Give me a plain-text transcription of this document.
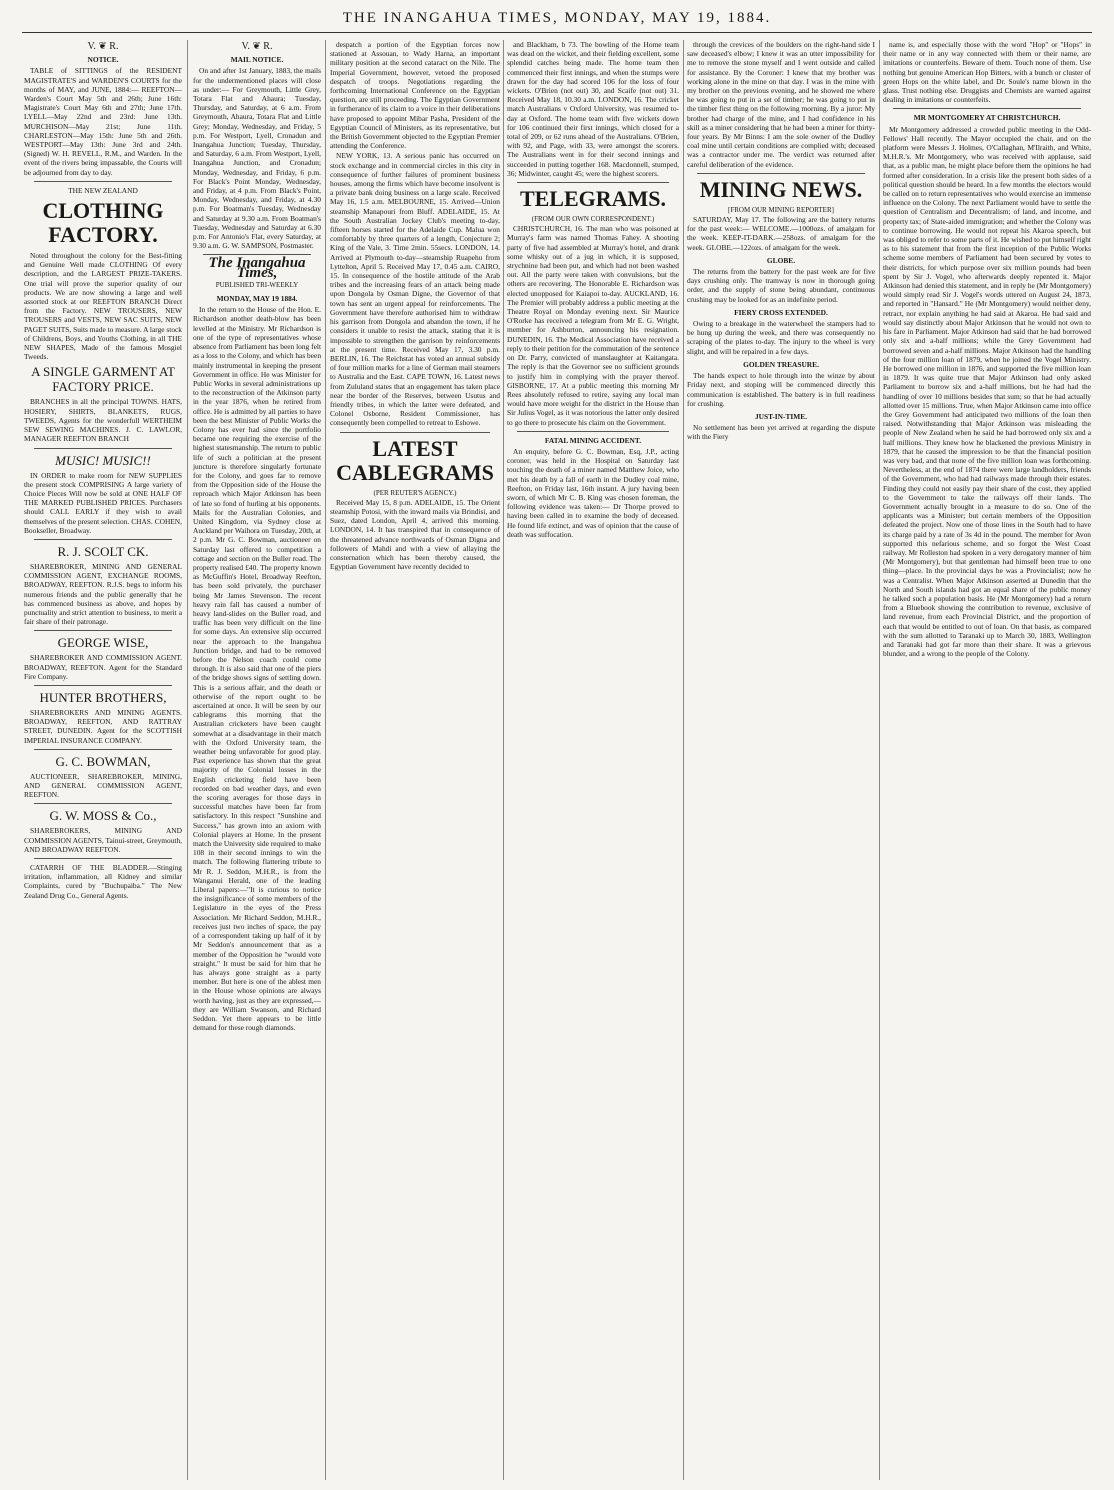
THE INANGAHUA TIMES, MONDAY, MAY 19, 1884.
V. ❦ R.
NOTICE.

TABLE of SITTINGS of the RESIDENT MAGISTRATE'S and WARDEN'S COURTS for the months of MAY, and JUNE, 1884:— REEFTON—Warden's Court May 5th and 26th; June 16th: Magistrate's Court May 6th and 27th; June 17th. LYELL—May 22nd and 23rd: June 13th. MURCHISON—May 21st; June 11th. CHARLESTON—May 15th: June 5th and 26th. WESTPORT—May 13th: June 3rd and 24th. (Signed) W. H. REVELL, R.M., and Warden. In the event of the rivers being impassable, the Courts will be adjourned from day to day.

THE NEW ZEALAND
CLOTHING FACTORY.

Noted throughout the colony for the Best-fitting and Genuine Well made CLOTHING Of every description, and the LARGEST PRIZE-TAKERS. One trial will prove the superior quality of our products. We are now showing a large and well assorted stock at our REEFTON BRANCH Direct from the Factory. NEW TROUSERS, NEW TROUSERS and VESTS, NEW SAC SUITS, NEW PAGET SUITS, Suits made to measure. A large stock of Childrens, Boys, and Youths Clothing, in all THE NEW SHAPES, Made of the famous Mosgiel Tweeds.

A SINGLE GARMENT AT FACTORY PRICE.

BRANCHES in all the principal TOWNS. HATS, HOSIERY, SHIRTS, BLANKETS, RUGS, TWEEDS, Agents for the wonderfull WERTHEIM SEW SEWING MACHINES. J. C. LAWLOR, MANAGER REEFTON BRANCH

MUSIC! MUSIC!!

IN ORDER to make room for NEW SUPPLIES the present stock COMPRISING A large variety of Choice Pieces Will now be sold at ONE HALF OF THE MARKED PUBLISHED PRICES. Purchasers should CALL EARLY if they wish to avail themselves of the present selection. CHAS. COHEN, Bookseller, Broadway.

R. J. SCOLT CK.

SHAREBROKER, MINING AND GENERAL COMMISSION AGENT, EXCHANGE ROOMS, BROADWAY, REEFTON. R.J.S. begs to inform his numerous friends and the public generally that he has commenced business as above, and hopes by punctuality and strict attention to business, to merit a fair share of their patronage.

GEORGE WISE,

SHAREBROKER AND COMMISSION AGENT. BROADWAY, REEFTON. Agent for the Standard Fire Company.

HUNTER BROTHERS,

SHAREBROKERS AND MINING AGENTS. BROADWAY, REEFTON, AND RATTRAY STREET, DUNEDIN. Agent for the SCOTTISH IMPERIAL INSURANCE COMPANY.

G. C. BOWMAN,

AUCTIONEER, SHAREBROKER, MINING, AND GENERAL COMMISSION AGENT, REEFTON.

G. W. MOSS & Co.,

SHAREBROKERS, MINING AND COMMISSION AGENTS, Tainui-street, Greymouth, AND BROADWAY REEFTON.

CATARRH OF THE BLADDER.—Stinging irritation, inflammation, all Kidney and similar Complaints, cured by "Buchupaiba." The New Zealand Drug Co., General Agents.

V. ❦ R.
MAIL NOTICE.

On and after 1st January, 1883, the mails for the undermentioned places will close as under:— For Greymouth, Little Grey, Totara Flat and Ahaura; Tuesday, Thursday, and Saturday, at 6 a.m. From Greymouth, Ahaura, Totara Flat and Little Grey; Monday, Wednesday, and Friday, 5 p.m. For Westport, Lyell, Cronadun and Inangahua Junction; Tuesday, Thursday, and Saturday, 6 a.m. From Westport, Lyell, Inangahua Junction, and Cronadun; Monday, Wednesday, and Friday, 6 p.m. For Black's Point Monday, Wednesday, and Friday, at 4 p.m. From Black's Point, Monday, Wednesday, and Friday, at 4.30 p.m. For Boatman's Tuesday, Wednesday and Saturday at 9.30 a.m. From Boatman's Tuesday, Wednesday and Saturday at 6.30 p.m. For Antonio's Flat, every Saturday, at 9.30 a.m. G. W. SAMPSON, Postmaster.

The Inangahua Times,
PUBLISHED TRI-WEEKLY
MONDAY, MAY 19 1884.

In the return to the House of the Hon. E. Richardson another death-blow has been levelled at the Ministry. Mr Richardson is one of the type of representatives whose absence from Parliament has been long felt as a loss to the Colony, and which has been mainly instrumental in keeping the present Government in office. He was Minister for Public Works in several administrations up to the reconstruction of the Atkinson party in the year 1876, when he retired from office. He is admitted by all parties to have been the best Minister of Public Works the Colony has ever had since the portfolio became one requiring the exercise of the highest statesmanship. The return to public life of such a politician at the present juncture is therefore singularly fortunate for the Colony, and goes far to remove from the Opposition side of the House the reproach which Major Atkinson has been of late so fond of hurling at his opponents. Mails for the Australian Colonies, and United Kingdom, via Sydney close at Auckland per Waihora on Tuesday, 20th, at 2 p.m. Mr G. C. Bowman, auctioneer on Saturday last offered to competition a cottage and section on the Buller road. The property realised £40. The property known as McGuffin's Hotel, Broadway Reefton, has been sold privately, the purchaser being Mr James Stevenson. The recent heavy rain fall has caused a number of heavy land-slides on the Buller road, and traffic has been very difficult on the line for some days. An extensive slip occurred near the approach to the Inangahua Junction bridge, and had to be removed before the Nelson coach could come through. It is also said that one of the piers of the bridge shows signs of settling down. This is a serious affair, and the death or otherwise of the report ought to be ascertained at once. It will be seen by our cablegrams this morning that the Australian cricketers have been caught somewhat at a disadvantage in their match with the Oxford University team, the weather being unfavorable for good play. Past experience has shown that the great majority of the Colonial losses in the English cricketing field have been recorded on bad weather days, and even the scoring averages for those days in successful matches have been far from satisfactory. In this respect "Sunshine and Success," has grown into an axiom with Colonial players at Home. In the present match the University side required to make 108 in their second innings to win the match. The following flattering tribute to Mr R. J. Seddon, M.H.R., is from the Wanganui Herald, one of the leading Liberal papers:—"It is curious to notice the insignificance of some members of the Legislature in the eyes of the Press Association. Mr Richard Seddon, M.H.R., receives just two inches of space, the pay of a correspondent taking up half of it by Mr Seddon's announcement that as a member of the Opposition he "would vote straight." It must be said for him that he has always gone straight as a party member. But here is one of the ablest men in the House whose opinions are always worth having, just as they are expressed,—they are William Swanson, and Richard Seddon. Yet there appears to be little demand for these rough diamonds.

despatch a portion of the Egyptian forces now stationed at Assouan, to Wady Harna, an important military position at the second cataract on the Nile. The Imperial Government, however, vetoed the proposed despatch of troops. Negotiations regarding the forthcoming International Conference on the Egyptian question, are still proceeding. The Egyptian Government in furtherance of its claim to a voice in their deliberations have proposed to appoint Mibar Pasha, President of the Egyptian Council of Ministers, as its representative, but the British Government objected to the Egyptian Premier attending the Conference.

NEW YORK, 13. A serious panic has occurred on stock exchange and in commercial circles in this city in consequence of further failures of prominent business houses, among the firms which have become insolvent is a private bank doing business on a large scale. Received May 16, 1.5 a.m. MELBOURNE, 15. Arrived—Union steamship Manapouri from Bluff. ADELAIDE, 15. At the South Australian Jockey Club's meeting to-day, fifteen horses started for the Adelaide Cup. Malua won comfortably by three quarters of a length, Conjecture 2; King of the Vale, 3. Time 2min. 55secs. LONDON, 14. Arrived at Plymouth to-day—steamship Ruapehu from Lyttelton, April 5. Received May 17, 0.45 a.m. CAIRO, 15. In consequence of the hostile attitude of the Arab tribes and the increasing fears of an attack being made upon Dongola by Osman Digne, the Governor of that town has sent an urgent appeal for reinforcements. The Government have therefore authorised him to withdraw his garrison from Dongola and abandon the town, if he considers it unable to resist the attack, stating that it is impossible to strengthen the garrison by reinforcements at the present time. Received May 17, 3.30 p.m. BERLIN, 16. The Reichstat has voted an annual subsidy of four million marks for a line of German mail steamers to Australia and the East. CAPE TOWN, 16. Latest news from Zululand states that an engagement has taken place near the border of the Reserves, between Usutus and friendly tribes, in which the latter were defeated, and Colonel Osborne, Resident Commissioner, has consequently been compelled to retreat to Eshowe.

LATEST CABLEGRAMS
(PER REUTER'S AGENCY.)

Received May 15, 8 p.m. ADELAIDE, 15. The Orient steamship Potosi, with the inward mails via Brindisi, and Suez, dated London, April 4, arrived this morning. LONDON, 14. It has transpired that in consequence of the threatened advance northwards of Osman Digna and followers of Mahdi and with a view of allaying the consternation which has been thereby caused, the Egyptian Government have recently decided to

and Blackham, b 73. The bowling of the Home team was dead on the wicket, and their fielding excellent, some splendid catches being made. The home team then commenced their first innings, and when the stumps were drawn for the day had scored 106 for the loss of four wickets. O'Brien (not out) 30, and Scaife (not out) 31. Received May 18, 10.30 a.m. LONDON, 16. The cricket match Australians v Oxford University, was resumed to-day at Oxford. The home team with five wickets down for 106 continued their first innings, which closed for a total of 209, or 62 runs ahead of the Australians. O'Brien, with 92, and Page, with 33, were amongst the scorers. The Australians went in for their second innings and succeeded in putting together 168. Macdonnell, stumped, 36; Midwinter, caught 45; were the highest scorers.

TELEGRAMS.
(FROM OUR OWN CORRESPONDENT.)

CHRISTCHURCH, 16. The man who was poisoned at Murray's farm was named Thomas Fahey. A shooting party of five had assembled at Murray's hotel, and drank some whisky out of a jug in which, it is supposed, strychnine had been put, and which had not been washed out. All the party were taken with convulsions, but the others are recovering. The Honorable E. Richardson was elected unopposed for Kaiapoi to-day. AUCKLAND, 16. The Premier will probably address a public meeting at the Theatre Royal on Monday evening next. Sir Maurice O'Rorke has received a telegram from Mr E. G. Wright, member for Ashburton, announcing his resignation. DUNEDIN, 16. The Medical Association have received a reply to their petition for the commutation of the sentence on Dr. Parry, convicted of manslaughter at Kaitangata. The reply is that the Governor see no sufficient grounds to justify him in complying with the prayer thereof. GISBORNE, 17. At a public meeting this morning Mr Rees absolutely refused to retire, saying any local man would have more weight for the district in the House than Sir Julius Vogel, as it was notorious the latter only desired to go there to prosecute his claim on the Government.

FATAL MINING ACCIDENT.

An enquiry, before G. C. Bowman, Esq, J.P., acting coroner, was held in the Hospital on Saturday last touching the death of a miner named Matthew Joice, who met his death by a fall of earth in the Dudley coal mine, Reefton, on Friday last, 16th instant. A jury having been sworn, of which Mr C. B. King was chosen foreman, the following evidence was taken:— Dr Thorpe proved to having been called in to examine the body of deceased. He found life extinct, and was of opinion that the cause of death was suffocation.

through the crevices of the boulders on the right-hand side I saw deceased's elbow; I knew it was an utter impossibility for me to remove the stone myself and I went outside and called for assistance. By the Coroner: I knew that my brother was working alone in the mine on that day. I was in the mine with my brother on the previous evening, and he showed me where he was going to put in a set of timber; he was going to put in the timber first thing on the following morning. By a juror: My brother had charge of the mine, and I had confidence in his skill as a miner considering that he had been a miner for thirty-four years. By Mr Binns: I am the sole owner of the Dudley coal mine until certain conditions are complied with; deceased was a contractor under me. The verdict was returned after careful deliberation of the evidence.

MINING NEWS.
[FROM OUR MINING REPORTER]

SATURDAY, May 17. The following are the battery returns for the past week:— WELCOME.—1000ozs. of amalgam for the week. KEEP-IT-DARK.—258ozs. of amalgam for the week. GLOBE.—122ozs. of amalgam for the week.

GLOBE.

The returns from the battery for the past week are for five days crushing only. The tramway is now in thorough going order, and the supply of stone being abundant, continuous crushing may be looked for as an indefinite period.

FIERY CROSS EXTENDED.

Owing to a breakage in the waterwheel the stampers had to be hung up during the week, and there was consequently no scraping of the plates to-day. The injury to the wheel is very slight, and will be repaired in a few days.

GOLDEN TREASURE.

The hands expect to hole through into the winze by about Friday next, and stoping will be commenced directly this communication is established. The battery is in full readiness for crushing.

JUST-IN-TIME.

No settlement has been yet arrived at regarding the dispute with the Fiery

name is, and especially those with the word "Hop" or "Hops" in their name or in any way connected with them or their name, are imitations or counterfeits. Beware of them. Touch none of them. Use nothing but genuine American Hop Bitters, with a bunch or cluster of green Hops on the white label, and Dr. Soule's name blown in the glass. Trust nothing else. Druggists and Chemists are warned against dealing in imitations or counterfeits.

MR MONTGOMERY AT CHRISTCHURCH.

Mr Montgomery addressed a crowded public meeting in the Odd-Fellows' Hall recently. The Mayor occupied the chair, and on the platform were Messrs J. Holmes, O'Callaghan, M'Ilraith, and White, M.H.R.'s. Mr Montgomery, who was received with applause, said that, as a public man, he might place before them the opinions he had formed after consideration. In a crisis like the present both sides of a political question should be heard. In a few months the electors would be called on to return representatives who would exercise an immense influence on the Colony. The next Parliament would have to settle the question of Centralism and Decentralism; of land, and income, and property tax; of State-aided immigration; and whether the Colony was to continue borrowing. He would not repeat his Akaroa speech, but was obliged to refer to some parts of it. He wished to put himself right as to his statement that from the first inception of the Public Works scheme some members of Parliament had been secured by votes to their districts, for which purpose over six million pounds had been spent by Sir J. Vogel, who afterwards deeply repented it. Major Atkinson had denied this statement, and in reply he (Mr Montgomery) would simply read Sir J. Vogel's words uttered on August 24, 1873, and reported in "Hansard." He (Mr Montgomery) would neither deny, retract, nor explain anything he had said at Akaroa. He had said and would say distinctly about Major Atkinson that he would not own to his fare in Parliament. Major Atkinson had said that he had borrowed only six and a-half millions; while the Grey Government had borrowed seven and a-half millions. Major Atkinson had the handling of the four million loan of 1879, when he joined the Vogel Ministry. He borrowed one million in 1876, and supported the five million loan in 1879. It was quite true that Major Atkinson had only asked Parliament to borrow six and a-half millions, but he had had the handling of over 10 millions besides that sum; so that he had actually allotted over 15 millions. True, when Major Atkinson came into office the Grey Government had anticipated two millions of the loan then raised. Notwithstanding that Major Atkinson was misleading the people of New Zealand when he said he had borrowed only six and a half millions. They knew how he blackened the previous Ministry in 1879, that he caused the impression to be that the financial position was very bad, and that none of the five million loan was forthcoming. Nevertheless, at the end of 1874 there were large landholders, friends of the Government, who had had railways made through their estates. Finding they could not easily pay their share of the cost, they applied to the Government to take the railways off their lands. The Government actually brought in a measure to do so. One of the applicants was a Minister; but certain members of the Opposition defeated the project. Now one of those lines in the South had to have its charge paid by a rate of 3s 4d in the pound. The member for Avon supported this nefarious scheme, and so forgot the West Coast railway. Mr Rolleston had spoken in a very derogatory manner of him (Mr Montgomery), but that gentleman had himself been true to one thing—place. In the provincial days he was a Provincialist; now he was a Centralist. When Major Atkinson asserted at Dunedin that the North and South islands had got an equal share of the public money he talked such a population basis. He (Mr Montgomery) had a return from a Bluebook showing the contribution to revenue, exclusive of land revenue, from each Provincial District, and the proportion of each that would be entitled to out of loan. On that basis, as compared with the sum allotted to Taranaki up to March 30, 1883, Wellington and Taranaki had got far more than their share. It was a grievous blunder, and a wrong to the people of the Colony.
